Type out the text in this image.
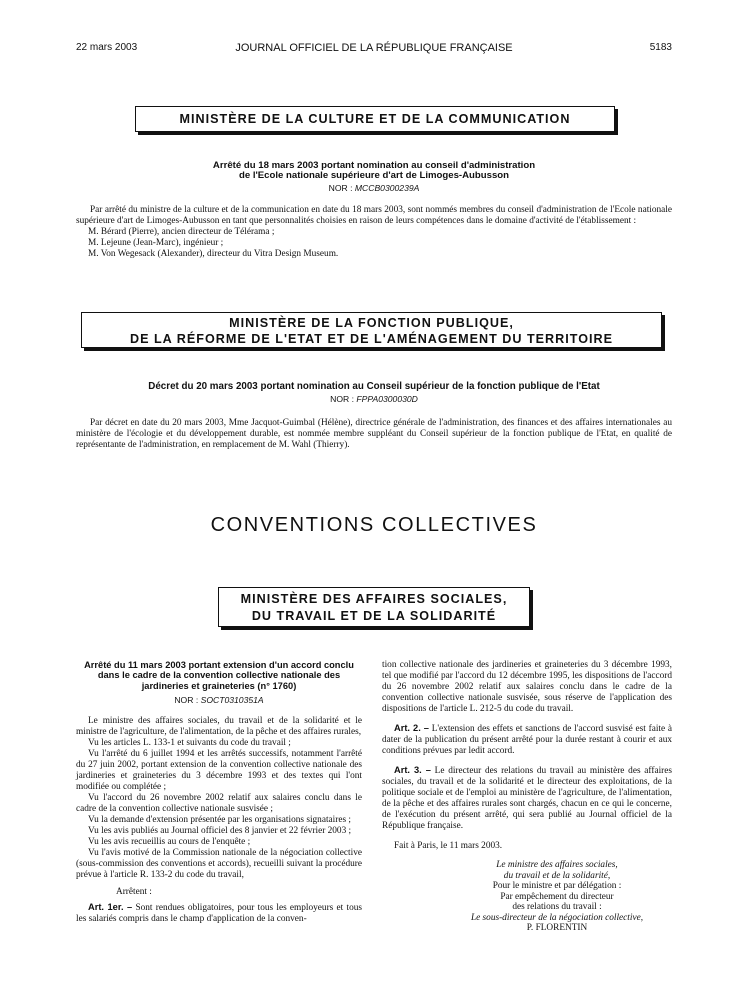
22 mars 2003	JOURNAL OFFICIEL DE LA RÉPUBLIQUE FRANÇAISE	5183
MINISTÈRE DE LA CULTURE ET DE LA COMMUNICATION
Arrêté du 18 mars 2003 portant nomination au conseil d'administration
de l'Ecole nationale supérieure d'art de Limoges-Aubusson
NOR : MCCB0300239A

Par arrêté du ministre de la culture et de la communication en date du 18 mars 2003, sont nommés membres du conseil d'administration de l'Ecole nationale supérieure d'art de Limoges-Aubusson en tant que personnalités choisies en raison de leurs compétences dans le domaine d'activité de l'établissement :

M. Bérard (Pierre), ancien directeur de Télérama ;

M. Lejeune (Jean-Marc), ingénieur ;

M. Von Wegesack (Alexander), directeur du Vitra Design Museum.

MINISTÈRE DE LA FONCTION PUBLIQUE,
DE LA RÉFORME DE L'ETAT ET DE L'AMÉNAGEMENT DU TERRITOIRE
Décret du 20 mars 2003 portant nomination au Conseil supérieur de la fonction publique de l'Etat
NOR : FPPA0300030D

Par décret en date du 20 mars 2003, Mme Jacquot-Guimbal (Hélène), directrice générale de l'administration, des finances et des affaires internationales au ministère de l'écologie et du développement durable, est nommée membre suppléant du Conseil supérieur de la fonction publique de l'Etat, en qualité de représentante de l'administration, en remplacement de M. Wahl (Thierry).

CONVENTIONS COLLECTIVES
MINISTÈRE DES AFFAIRES SOCIALES,
DU TRAVAIL ET DE LA SOLIDARITÉ
Arrêté du 11 mars 2003 portant extension d'un accord conclu dans le cadre de la convention collective nationale des jardineries et graineteries (n° 1760)
NOR : SOCT0310351A

Le ministre des affaires sociales, du travail et de la solidarité et le ministre de l'agriculture, de l'alimentation, de la pêche et des affaires rurales,

Vu les articles L. 133-1 et suivants du code du travail ;

Vu l'arrêté du 6 juillet 1994 et les arrêtés successifs, notamment l'arrêté du 27 juin 2002, portant extension de la convention collective nationale des jardineries et graineteries du 3 décembre 1993 et des textes qui l'ont modifiée ou complétée ;

Vu l'accord du 26 novembre 2002 relatif aux salaires conclu dans le cadre de la convention collective nationale susvisée ;

Vu la demande d'extension présentée par les organisations signataires ;

Vu les avis publiés au Journal officiel des 8 janvier et 22 février 2003 ;

Vu les avis recueillis au cours de l'enquête ;

Vu l'avis motivé de la Commission nationale de la négociation collective (sous-commission des conventions et accords), recueilli suivant la procédure prévue à l'article R. 133-2 du code du travail,

Arrêtent :

Art. 1er. – Sont rendues obligatoires, pour tous les employeurs et tous les salariés compris dans le champ d'application de la conven-

tion collective nationale des jardineries et graineteries du 3 décembre 1993, tel que modifié par l'accord du 12 décembre 1995, les dispositions de l'accord du 26 novembre 2002 relatif aux salaires conclu dans le cadre de la convention collective nationale susvisée, sous réserve de l'application des dispositions de l'article L. 212-5 du code du travail.

Art. 2. – L'extension des effets et sanctions de l'accord susvisé est faite à dater de la publication du présent arrêté pour la durée restant à courir et aux conditions prévues par ledit accord.

Art. 3. – Le directeur des relations du travail au ministère des affaires sociales, du travail et de la solidarité et le directeur des exploitations, de la politique sociale et de l'emploi au ministère de l'agriculture, de l'alimentation, de la pêche et des affaires rurales sont chargés, chacun en ce qui le concerne, de l'exécution du présent arrêté, qui sera publié au Journal officiel de la République française.

Fait à Paris, le 11 mars 2003.

Le ministre des affaires sociales,

du travail et de la solidarité,

Pour le ministre et par délégation :

Par empêchement du directeur

des relations du travail :

Le sous-directeur de la négociation collective,

P. FLORENTIN
